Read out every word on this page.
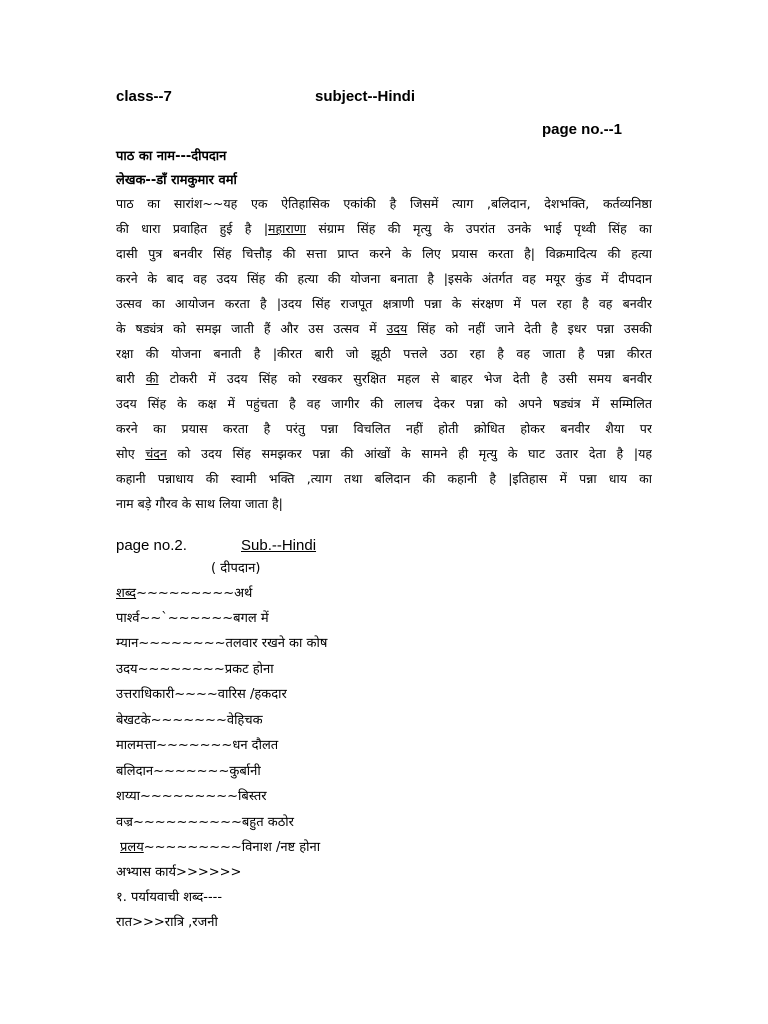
class--7	subject--Hindi
page no.--1
पाठ का नाम---दीपदान
लेखक--डॉं रामकुमार वर्मा
पाठ का सारांश~~यह एक ऐतिहासिक एकांकी है जिसमें त्याग ,बलिदान, देशभक्ति, कर्तव्यनिष्ठा
की धारा प्रवाहित हुई है |महाराणा संग्राम सिंह की मृत्यु के उपरांत उनके भाई पृथ्वी सिंह का
दासी पुत्र बनवीर सिंह चित्तौड़ की सत्ता प्राप्त करने के लिए प्रयास करता है| विक्रमादित्य की हत्या
करने के बाद वह उदय सिंह की हत्या की योजना बनाता है |इसके अंतर्गत वह मयूर कुंड में दीपदान
उत्सव का आयोजन करता है |उदय सिंह राजपूत क्षत्राणी पन्ना के संरक्षण में पल रहा है वह बनवीर
के षड्यंत्र को समझ जाती हैं और उस उत्सव में उदय सिंह को नहीं जाने देती है इधर पन्ना उसकी
रक्षा की योजना बनाती है |कीरत बारी जो झूठी पत्तले उठा रहा है वह जाता है पन्ना कीरत
बारी की टोकरी में उदय सिंह को रखकर सुरक्षित महल से बाहर भेज देती है उसी समय बनवीर
उदय सिंह के कक्ष में पहुंचता है वह जागीर की लालच देकर पन्ना को अपने षड्यंत्र में सम्मिलित
करने का प्रयास करता है परंतु पन्ना विचलित नहीं होती क्रोधित होकर बनवीर शैया पर
सोए चंदन को उदय सिंह समझकर पन्ना की आंखों के सामने ही मृत्यु के घाट उतार देता है |यह
कहानी पन्नाधाय की स्वामी भक्ति ,त्याग तथा बलिदान की कहानी है |इतिहास में पन्ना धाय का
नाम बड़े गौरव के साथ लिया जाता है|
page no.2.	Sub.--Hindi
( दीपदान)
शब्द~~~~~~~~~अर्थ
पार्श्व~~`~~~~~~बगल में
म्यान~~~~~~~~तलवार रखने का कोष
उदय~~~~~~~~प्रकट होना
उत्तराधिकारी~~~~वारिस /हकदार
बेखटके~~~~~~~वेहिचक
मालमत्ता~~~~~~~धन दौलत
बलिदान~~~~~~~कुर्बानी
शय्या~~~~~~~~~बिस्तर
वज्र~~~~~~~~~~बहुत कठोर
प्रलय~~~~~~~~~विनाश /नष्ट होना
अभ्यास कार्य>>>>>>
१. पर्यायवाची शब्द----
रात>>>रात्रि ,रजनी
